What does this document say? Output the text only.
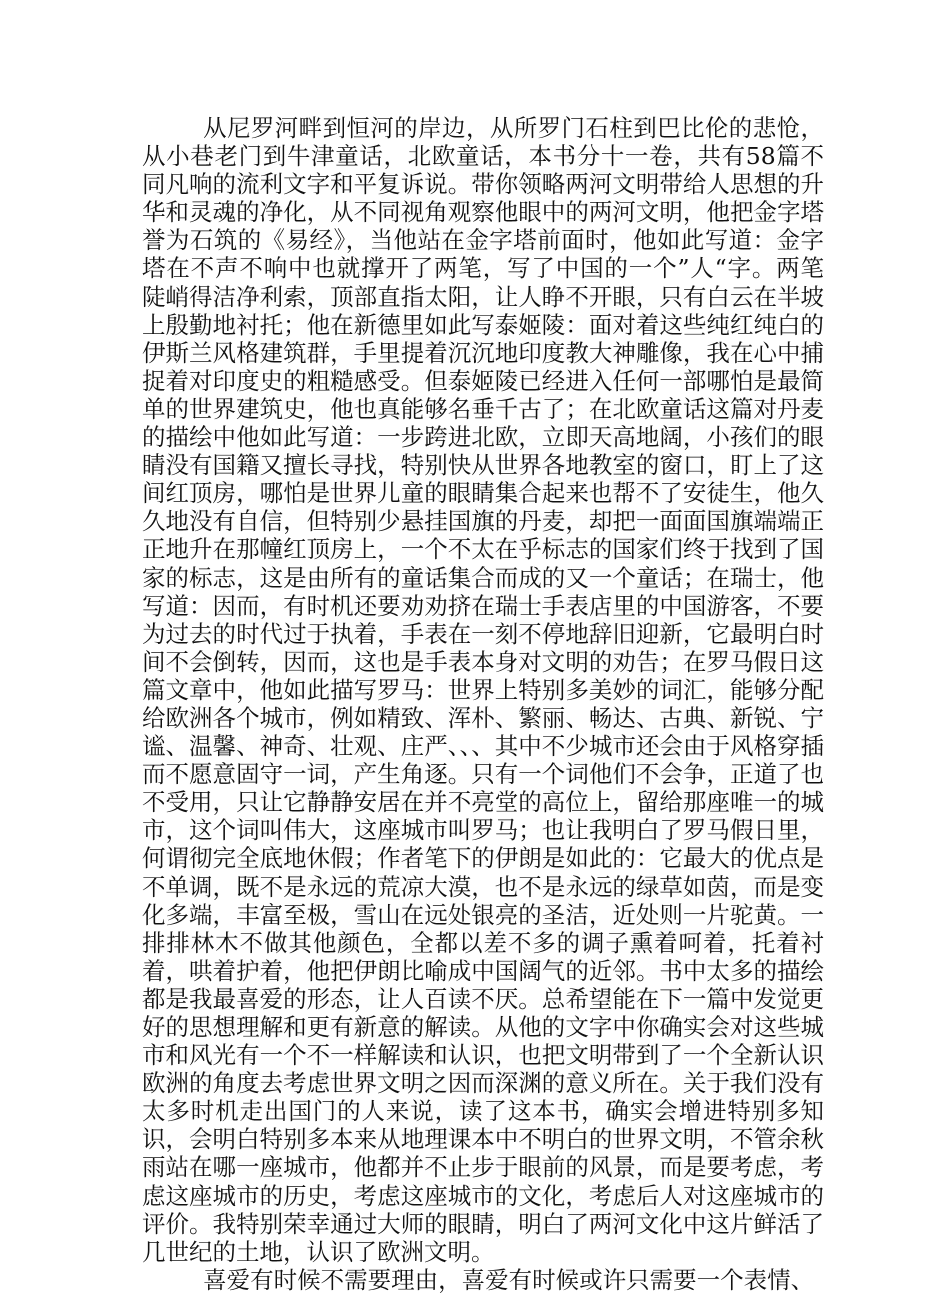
从尼罗河畔到恒河的岸边，从所罗门石柱到巴比伦的悲怆，从小巷老门到牛津童话，北欧童话，本书分十一卷，共有58篇不同凡响的流利文字和平复诉说。带你领略两河文明带给人思想的升华和灵魂的净化，从不同视角观察他眼中的两河文明，他把金字塔誉为石筑的《易经》，当他站在金字塔前面时，他如此写道：金字塔在不声不响中也就撑开了两笔，写了中国的一个”人“字。两笔陡峭得洁净利索，顶部直指太阳，让人睁不开眼，只有白云在半坡上殷勤地衬托；他在新德里如此写泰姬陵：面对着这些纯红纯白的伊斯兰风格建筑群，手里提着沉沉地印度教大神雕像，我在心中捕捉着对印度史的粗糙感受。但泰姬陵已经进入任何一部哪怕是最简单的世界建筑史，他也真能够名垂千古了；在北欧童话这篇对丹麦的描绘中他如此写道：一步跨进北欧，立即天高地阔，小孩们的眼睛没有国籍又擅长寻找，特别快从世界各地教室的窗口，盯上了这间红顶房，哪怕是世界儿童的眼睛集合起来也帮不了安徒生，他久久地没有自信，但特别少悬挂国旗的丹麦，却把一面面国旗端端正正地升在那幢红顶房上，一个不太在乎标志的国家们终于找到了国家的标志，这是由所有的童话集合而成的又一个童话；在瑞士，他写道：因而，有时机还要劝劝挤在瑞士手表店里的中国游客，不要为过去的时代过于执着，手表在一刻不停地辞旧迎新，它最明白时间不会倒转，因而，这也是手表本身对文明的劝告；在罗马假日这篇文章中，他如此描写罗马：世界上特别多美妙的词汇，能够分配给欧洲各个城市，例如精致、浑朴、繁丽、畅达、古典、新锐、宁谧、温馨、神奇、壮观、庄严、、、其中不少城市还会由于风格穿插而不愿意固守一词，产生角逐。只有一个词他们不会争，正道了也不受用，只让它静静安居在并不亮堂的高位上，留给那座唯一的城市，这个词叫伟大，这座城市叫罗马；也让我明白了罗马假日里，何谓彻完全底地休假；作者笔下的伊朗是如此的：它最大的优点是不单调，既不是永远的荒凉大漠，也不是永远的绿草如茵，而是变化多端，丰富至极，雪山在远处银亮的圣洁，近处则一片驼黄。一排排林木不做其他颜色，全都以差不多的调子熏着呵着，托着衬着，哄着护着，他把伊朗比喻成中国阔气的近邻。书中太多的描绘都是我最喜爱的形态，让人百读不厌。总希望能在下一篇中发觉更好的思想理解和更有新意的解读。从他的文字中你确实会对这些城市和风光有一个不一样解读和认识，也把文明带到了一个全新认识欧洲的角度去考虑世界文明之因而深渊的意义所在。关于我们没有太多时机走出国门的人来说，读了这本书，确实会增进特别多知识，会明白特别多本来从地理课本中不明白的世界文明，不管余秋雨站在哪一座城市，他都并不止步于眼前的风景，而是要考虑，考虑这座城市的历史，考虑这座城市的文化，考虑后人对这座城市的评价。我特别荣幸通过大师的眼睛，明白了两河文化中这片鲜活了几世纪的土地，认识了欧洲文明。

喜爱有时候不需要理由，喜爱有时候或许只需要一个表情、
